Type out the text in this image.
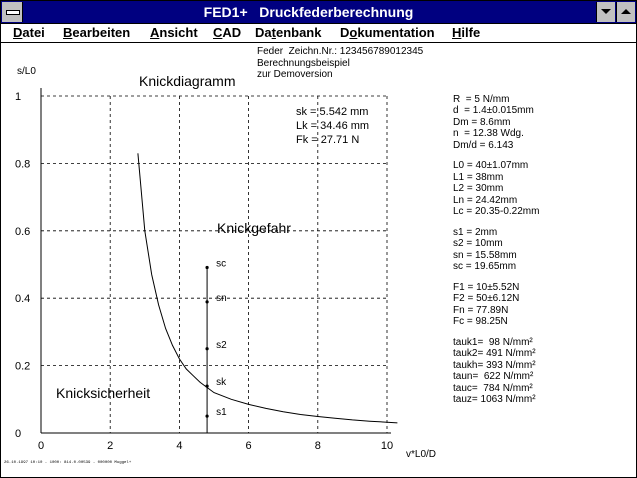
FED1+   Druckfederberechnung
Datei Bearbeiten Ansicht CAD Datenbank Dokumentation Hilfe
0	2	4	6	8	10
0
0.2
0.4
0.6
0.8
1
s/L0
v*L0/D
Knickdiagramm
Knickgefahr
Knicksicherheit
sk = 5.542 mm
Lk = 34.46 mm
Fk = 27.71 N
s1
sk
s2
sn
sc
Feder  Zeichn.Nr.: 123456789012345
Berechnungsbeispiel
zur Demoversion
R  = 5 N/mm
d  = 1.4±0.015mm
Dm = 8.6mm
n  = 12.38 Wdg.
Dm/d = 6.143
L0 = 40±1.07mm
L1 = 38mm
L2 = 30mm
Ln = 24.42mm
Lc = 20.35-0.22mm
s1 = 2mm
s2 = 10mm
sn = 15.58mm
sc = 19.65mm
F1 = 10±5.52N
F2 = 50±6.12N
Fn = 77.89N
Fc = 98.25N
tauk1=  98 N/mm²
tauk2= 491 N/mm²
taukh= 393 N/mm²
taun=  622 N/mm²
tauc=  784 N/mm²
tauz= 1063 N/mm²
26.10.1997 10:10 - 1000: 814.0.00539 - 000000 Muggel+
